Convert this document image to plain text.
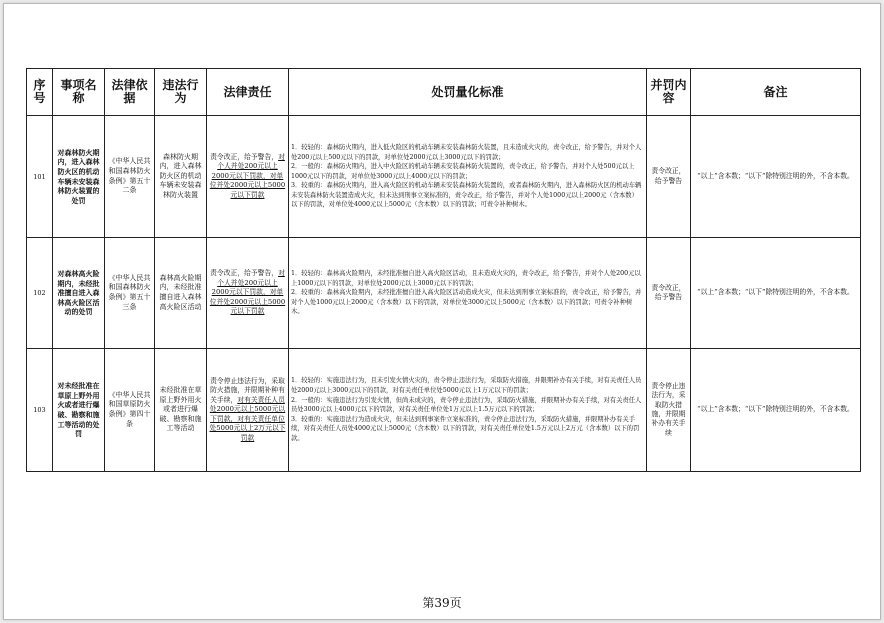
序号	事项名称	法律依据	违法行为	法律责任	处罚量化标准	并罚内容	备注
101	对森林防火期内，进入森林防火区的机动车辆未安装森林防火装置的处罚	《中华人民共和国森林防火条例》第五十二条	森林防火期内，进入森林防火区的机动车辆未安装森林防火装置	责令改正，给予警告，对个人并处200元以上2000元以下罚款，对单位并处2000元以上5000元以下罚款	1．较轻的：森林防火期内，进入低火险区的机动车辆未安装森林防火装置，且未造成火灾的，责令改正，给予警告，并对个人处200元以上500元以下的罚款，对单位处2000元以上3000元以下的罚款；

2．一般的：森林防火期内，进入中火险区的机动车辆未安装森林防火装置的，责令改正，给予警告，并对个人处500元以上1000元以下的罚款，对单位处3000元以上4000元以下的罚款；

3．较重的：森林防火期内，进入高火险区的机动车辆未安装森林防火装置的，或者森林防火期内，进入森林防火区的机动车辆未安装森林防火装置造成火灾，但未达到刑事立案标准的，责令改正，给予警告，并对个人处1000元以上2000元（含本数）以下的罚款，对单位处4000元以上5000元（含本数）以下的罚款；可责令补种树木。	责令改正，给予警告	“以上”含本数；“以下”除特别注明的外，不含本数。
102	对森林高火险期内，未经批准擅自进入森林高火险区活动的处罚	《中华人民共和国森林防火条例》第五十三条	森林高火险期内，未经批准擅自进入森林高火险区活动	责令改正，给予警告，对个人并处200元以上2000元以下罚款，对单位并处2000元以上5000元以下罚款	1．较轻的：森林高火险期内，未经批准擅自进入高火险区活动，且未造成火灾的，责令改正，给予警告，并对个人处200元以上1000元以下的罚款，对单位处2000元以上3000元以下的罚款；

2．较重的：森林高火险期内，未经批准擅自进入高火险区活动造成火灾，但未达到刑事立案标准的，责令改正，给予警告，并对个人处1000元以上2000元（含本数）以下的罚款，对单位处3000元以上5000元（含本数）以下的罚款；可责令补种树木。	责令改正，给予警告	“以上”含本数；“以下”除特别注明的外，不含本数。
103	对未经批准在草原上野外用火或者进行爆破、勘察和施工等活动的处罚	《中华人民共和国草原防火条例》第四十条	未经批准在草原上野外用火或者进行爆破、勘察和施工等活动	责令停止违法行为，采取防火措施，并限期补种有关手续，对有关责任人员处2000元以上5000元以下罚款，对有关责任单位处5000元以上2万元以下罚款	1．较轻的：实施违法行为，且未引发火情火灾的，责令停止违法行为，采取防火措施，并限期补办有关手续，对有关责任人员处2000元以上3000元以下的罚款，对有关责任单位处5000元以上1万元以下的罚款；

2．一般的：实施违法行为引发火情，但尚未成灾的，责令停止违法行为，采取防火措施，并限期补办有关手续，对有关责任人员处3000元以上4000元以下的罚款，对有关责任单位处1万元以上1.5万元以下的罚款；

3．较重的：实施违法行为造成火灾，但未达到刑事案件立案标准的，责令停止违法行为，采取防火措施，并限期补办有关手续，对有关责任人员处4000元以上5000元（含本数）以下的罚款，对有关责任单位处1.5万元以上2万元（含本数）以下的罚款。	责令停止违法行为，采取防火措施，并限期补办有关手续	“以上”含本数；“以下”除特别注明的外，不含本数。
第39页
